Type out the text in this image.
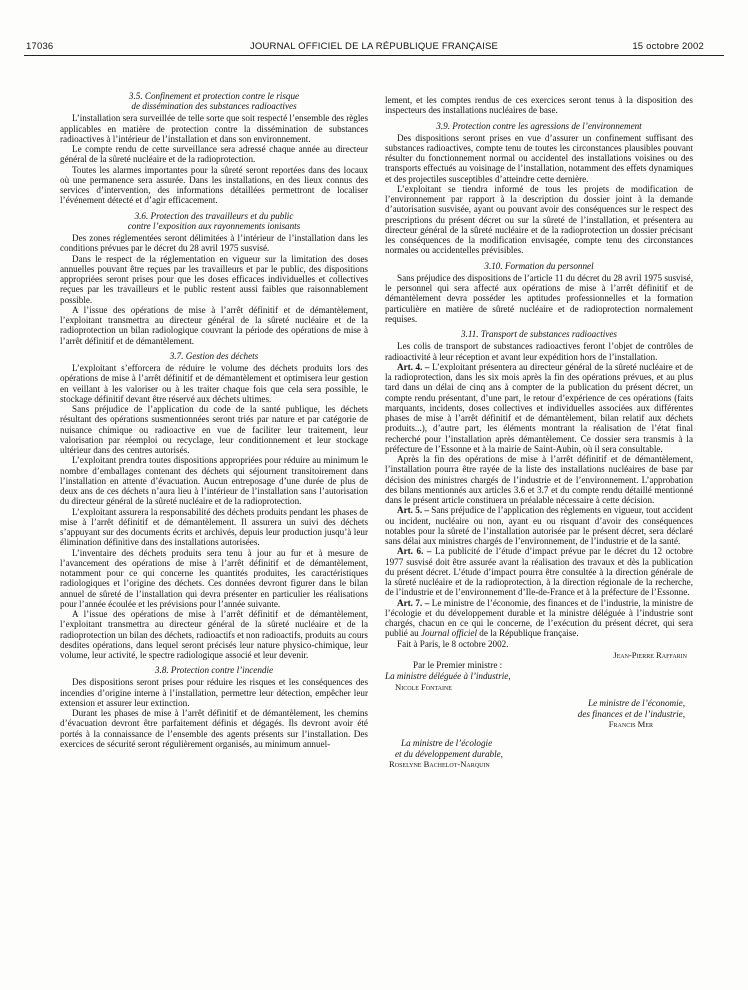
17036	JOURNAL OFFICIEL DE LA RÉPUBLIQUE FRANÇAISE	15 octobre 2002
3.5. Confinement et protection contre le risque
de dissémination des substances radioactives

L’installation sera surveillée de telle sorte que soit respecté l’ensemble des règles applicables en matière de protection contre la dissémination de substances radioactives à l’intérieur de l’installation et dans son environnement.

Le compte rendu de cette surveillance sera adressé chaque année au directeur général de la sûreté nucléaire et de la radioprotection.

Toutes les alarmes importantes pour la sûreté seront reportées dans des locaux où une permanence sera assurée. Dans les installations, en des lieux connus des services d’intervention, des informations détaillées permettront de localiser l’événement détecté et d’agir efficacement.

3.6. Protection des travailleurs et du public
contre l’exposition aux rayonnements ionisants

Des zones réglementées seront délimitées à l’intérieur de l’installation dans les conditions prévues par le décret du 28 avril 1975 susvisé.

Dans le respect de la réglementation en vigueur sur la limitation des doses annuelles pouvant être reçues par les travailleurs et par le public, des dispositions appropriées seront prises pour que les doses efficaces individuelles et collectives reçues par les travailleurs et le public restent aussi faibles que raisonnablement possible.

A l’issue des opérations de mise à l’arrêt définitif et de démantèlement, l’exploitant transmettra au directeur général de la sûreté nucléaire et de la radioprotection un bilan radiologique couvrant la période des opérations de mise à l’arrêt définitif et de démantèlement.

3.7. Gestion des déchets

L’exploitant s’efforcera de réduire le volume des déchets produits lors des opérations de mise à l’arrêt définitif et de démantèlement et optimisera leur gestion en veillant à les valoriser ou à les traiter chaque fois que cela sera possible, le stockage définitif devant être réservé aux déchets ultimes.

Sans préjudice de l’application du code de la santé publique, les déchets résultant des opérations susmentionnées seront triés par nature et par catégorie de nuisance chimique ou radioactive en vue de faciliter leur traitement, leur valorisation par réemploi ou recyclage, leur conditionnement et leur stockage ultérieur dans des centres autorisés.

L’exploitant prendra toutes dispositions appropriées pour réduire au minimum le nombre d’emballages contenant des déchets qui séjournent transitoirement dans l’installation en attente d’évacuation. Aucun entreposage d’une durée de plus de deux ans de ces déchets n’aura lieu à l’intérieur de l’installation sans l’autorisation du directeur général de la sûreté nucléaire et de la radioprotection.

L’exploitant assurera la responsabilité des déchets produits pendant les phases de mise à l’arrêt définitif et de démantèlement. Il assurera un suivi des déchets s’appuyant sur des documents écrits et archivés, depuis leur production jusqu’à leur élimination définitive dans des installations autorisées.

L’inventaire des déchets produits sera tenu à jour au fur et à mesure de l’avancement des opérations de mise à l’arrêt définitif et de démantèlement, notamment pour ce qui concerne les quantités produites, les caractéristiques radiologiques et l’origine des déchets. Ces données devront figurer dans le bilan annuel de sûreté de l’installation qui devra présenter en particulier les réalisations pour l’année écoulée et les prévisions pour l’année suivante.

A l’issue des opérations de mise à l’arrêt définitif et de démantèlement, l’exploitant transmettra au directeur général de la sûreté nucléaire et de la radioprotection un bilan des déchets, radioactifs et non radioactifs, produits au cours desdites opérations, dans lequel seront précisés leur nature physico-chimique, leur volume, leur activité, le spectre radiologique associé et leur devenir.

3.8. Protection contre l’incendie

Des dispositions seront prises pour réduire les risques et les conséquences des incendies d’origine interne à l’installation, permettre leur détection, empêcher leur extension et assurer leur extinction.

Durant les phases de mise à l’arrêt définitif et de démantèlement, les chemins d’évacuation devront être parfaitement définis et dégagés. Ils devront avoir été portés à la connaissance de l’ensemble des agents présents sur l’installation. Des exercices de sécurité seront régulièrement organisés, au minimum annuel-

lement, et les comptes rendus de ces exercices seront tenus à la disposition des inspecteurs des installations nucléaires de base.

3.9. Protection contre les agressions de l’environnement

Des dispositions seront prises en vue d’assurer un confinement suffisant des substances radioactives, compte tenu de toutes les circonstances plausibles pouvant résulter du fonctionnement normal ou accidentel des installations voisines ou des transports effectués au voisinage de l’installation, notamment des effets dynamiques et des projectiles susceptibles d’atteindre cette dernière.

L’exploitant se tiendra informé de tous les projets de modification de l’environnement par rapport à la description du dossier joint à la demande d’autorisation susvisée, ayant ou pouvant avoir des conséquences sur le respect des prescriptions du présent décret ou sur la sûreté de l’installation, et présentera au directeur général de la sûreté nucléaire et de la radioprotection un dossier précisant les conséquences de la modification envisagée, compte tenu des circonstances normales ou accidentelles prévisibles.

3.10. Formation du personnel

Sans préjudice des dispositions de l’article 11 du décret du 28 avril 1975 susvisé, le personnel qui sera affecté aux opérations de mise à l’arrêt définitif et de démantèlement devra posséder les aptitudes professionnelles et la formation particulière en matière de sûreté nucléaire et de radioprotection normalement requises.

3.11. Transport de substances radioactives

Les colis de transport de substances radioactives feront l’objet de contrôles de radioactivité à leur réception et avant leur expédition hors de l’installation.

Art. 4. – L’exploitant présentera au directeur général de la sûreté nucléaire et de la radioprotection, dans les six mois après la fin des opérations prévues, et au plus tard dans un délai de cinq ans à compter de la publication du présent décret, un compte rendu présentant, d’une part, le retour d’expérience de ces opérations (faits marquants, incidents, doses collectives et individuelles associées aux différentes phases de mise à l’arrêt définitif et de démantèlement, bilan relatif aux déchets produits...), d’autre part, les éléments montrant la réalisation de l’état final recherché pour l’installation après démantèlement. Ce dossier sera transmis à la préfecture de l’Essonne et à la mairie de Saint-Aubin, où il sera consultable.

Après la fin des opérations de mise à l’arrêt définitif et de démantèlement, l’installation pourra être rayée de la liste des installations nucléaires de base par décision des ministres chargés de l’industrie et de l’environnement. L’approbation des bilans mentionnés aux articles 3.6 et 3.7 et du compte rendu détaillé mentionné dans le présent article constituera un préalable nécessaire à cette décision.

Art. 5. – Sans préjudice de l’application des règlements en vigueur, tout accident ou incident, nucléaire ou non, ayant eu ou risquant d’avoir des conséquences notables pour la sûreté de l’installation autorisée par le présent décret, sera déclaré sans délai aux ministres chargés de l’environnement, de l’industrie et de la santé.

Art. 6. – La publicité de l’étude d’impact prévue par le décret du 12 octobre 1977 susvisé doit être assurée avant la réalisation des travaux et dès la publication du présent décret. L’étude d’impact pourra être consultée à la direction générale de la sûreté nucléaire et de la radioprotection, à la direction régionale de la recherche, de l’industrie et de l’environnement d’Ile-de-France et à la préfecture de l’Essonne.

Art. 7. – Le ministre de l’économie, des finances et de l’industrie, la ministre de l’écologie et du développement durable et la ministre déléguée à l’industrie sont chargés, chacun en ce qui le concerne, de l’exécution du présent décret, qui sera publié au Journal officiel de la République française.

Fait à Paris, le 8 octobre 2002.

Jean-Pierre Raffarin
Par le Premier ministre :
La ministre déléguée à l’industrie,
Nicole Fontaine
Le ministre de l’économie,
des finances et de l’industrie,
Francis Mer
La ministre de l’écologie
et du développement durable,
Roselyne Bachelot-Narquin
